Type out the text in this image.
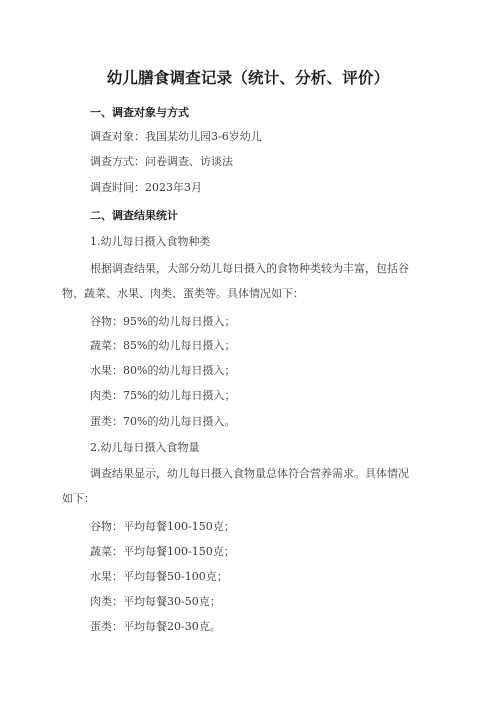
幼儿膳食调查记录（统计、分析、评价）
一、调查对象与方式
调查对象：我国某幼儿园3-6岁幼儿
调查方式：问卷调查、访谈法
调查时间：2023年3月
二、调查结果统计
1.幼儿每日摄入食物种类
根据调查结果，大部分幼儿每日摄入的食物种类较为丰富，包括谷物、蔬菜、水果、肉类、蛋类等。具体情况如下：
谷物：95%的幼儿每日摄入；
蔬菜：85%的幼儿每日摄入；
水果：80%的幼儿每日摄入；
肉类：75%的幼儿每日摄入；
蛋类：70%的幼儿每日摄入。
2.幼儿每日摄入食物量
调查结果显示，幼儿每日摄入食物量总体符合营养需求。具体情况如下：
谷物：平均每餐100-150克；
蔬菜：平均每餐100-150克；
水果：平均每餐50-100克；
肉类：平均每餐30-50克；
蛋类：平均每餐20-30克。
